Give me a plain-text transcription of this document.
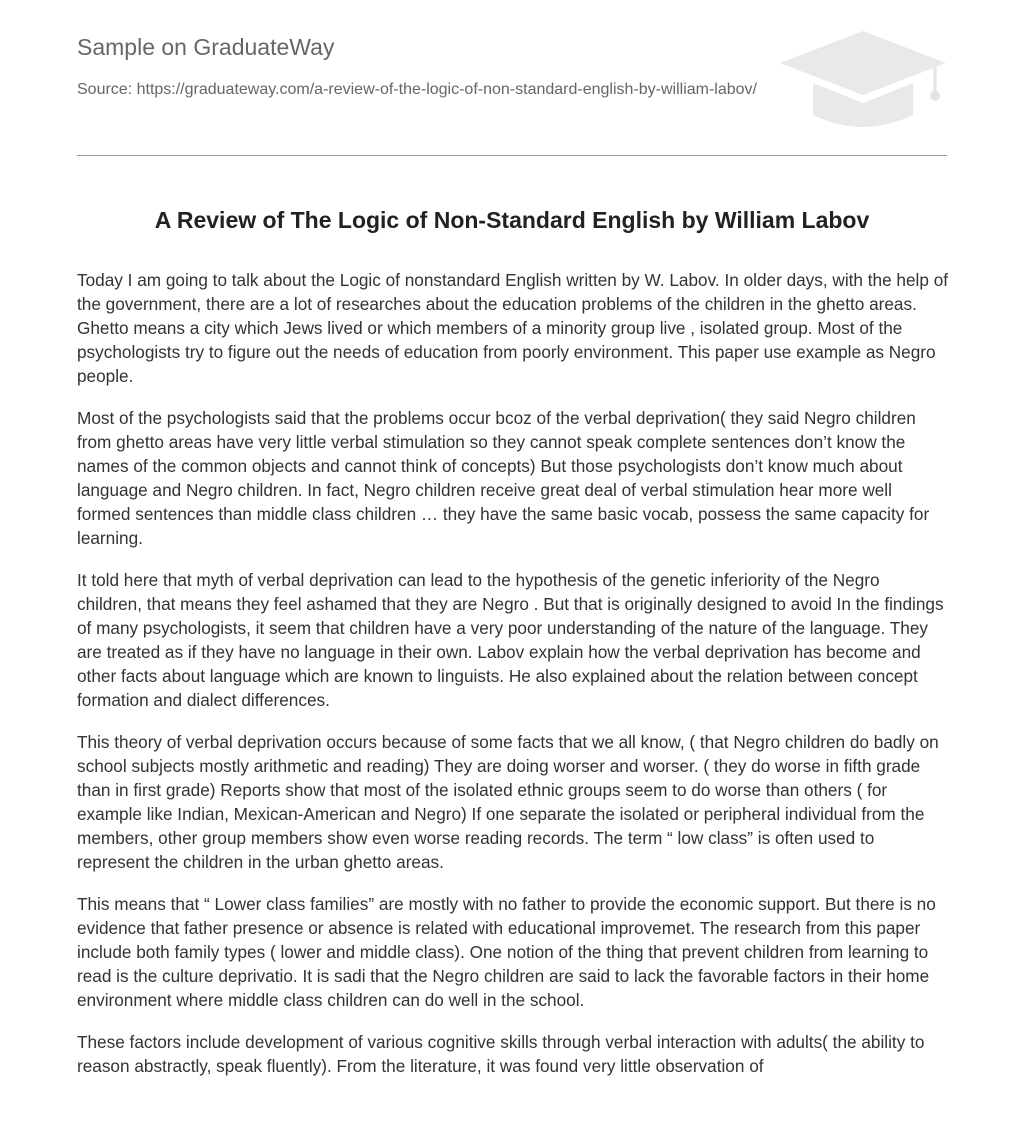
Sample on GraduateWay
Source: https://graduateway.com/a-review-of-the-logic-of-non-standard-english-by-william-labov/
A Review of The Logic of Non-Standard English by William Labov

Today I am going to talk about the Logic of nonstandard English written by W. Labov. In older days, with the help of the government, there are a lot of researches about the education problems of the children in the ghetto areas. Ghetto means a city which Jews lived or which members of a minority group live , isolated group. Most of the psychologists try to figure out the needs of education from poorly environment. This paper use example as Negro people.

Most of the psychologists said that the problems occur bcoz of the verbal deprivation( they said Negro children from ghetto areas have very little verbal stimulation so they cannot speak complete sentences don’t know the names of the common objects and cannot think of concepts) But those psychologists don’t know much about language and Negro children. In fact, Negro children receive great deal of verbal stimulation hear more well formed sentences than middle class children … they have the same basic vocab, possess the same capacity for learning.

It told here that myth of verbal deprivation can lead to the hypothesis of the genetic inferiority of the Negro children, that means they feel ashamed that they are Negro . But that is originally designed to avoid In the findings of many psychologists, it seem that children have a very poor understanding of the nature of the language. They are treated as if they have no language in their own. Labov explain how the verbal deprivation has become and other facts about language which are known to linguists. He also explained about the relation between concept formation and dialect differences.

This theory of verbal deprivation occurs because of some facts that we all know, ( that Negro children do badly on school subjects mostly arithmetic and reading) They are doing worser and worser. ( they do worse in fifth grade than in first grade) Reports show that most of the isolated ethnic groups seem to do worse than others ( for example like Indian, Mexican-American and Negro) If one separate the isolated or peripheral individual from the members, other group members show even worse reading records. The term “ low class” is often used to represent the children in the urban ghetto areas.

This means that “ Lower class families” are mostly with no father to provide the economic support. But there is no evidence that father presence or absence is related with educational improvemet. The research from this paper include both family types ( lower and middle class). One notion of the thing that prevent children from learning to read is the culture deprivatio. It is sadi that the Negro children are said to lack the favorable factors in their home environment where middle class children can do well in the school.

These factors include development of various cognitive skills through verbal interaction with adults( the ability to reason abstractly, speak fluently). From the literature, it was found very little observation of
